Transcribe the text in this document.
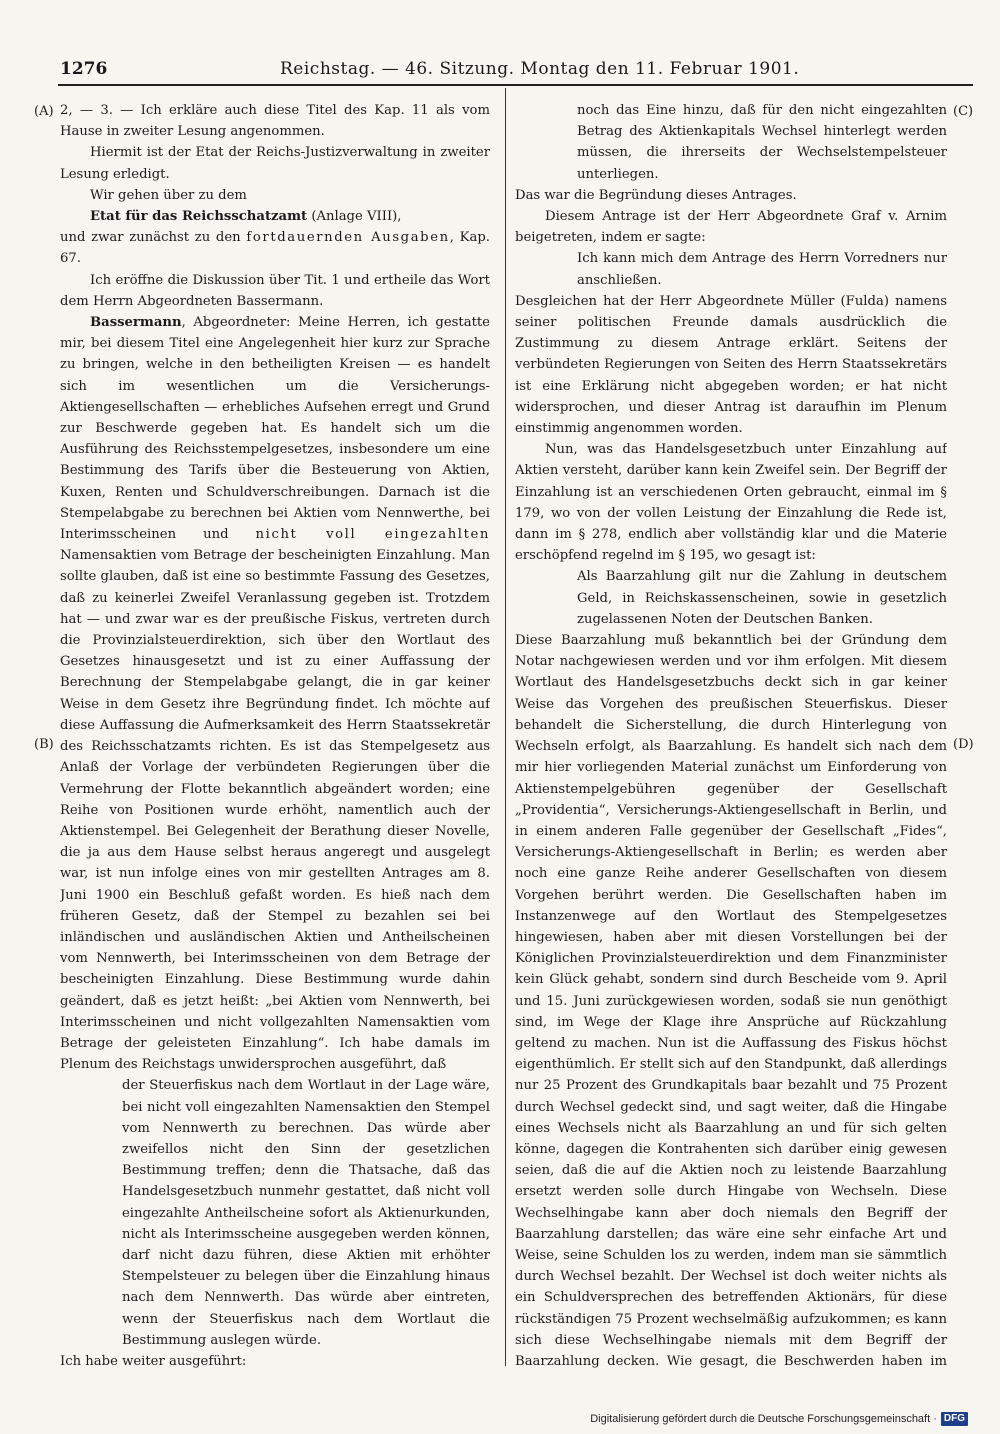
1276	Reichstag. — 46. Sitzung. Montag den 11. Februar 1901.
(A)
(B)
(C)
(D)

2, — 3. — Ich erkläre auch diese Titel des Kap. 11 als vom Hause in zweiter Lesung angenommen.

Hiermit ist der Etat der Reichs-Justizverwaltung in zweiter Lesung erledigt.

Wir gehen über zu dem

Etat für das Reichsschatzamt (Anlage VIII),

und zwar zunächst zu den fortdauernden Ausgaben, Kap. 67.

Ich eröffne die Diskussion über Tit. 1 und ertheile das Wort dem Herrn Abgeordneten Bassermann.

Bassermann, Abgeordneter: Meine Herren, ich gestatte mir, bei diesem Titel eine Angelegenheit hier kurz zur Sprache zu bringen, welche in den betheiligten Kreisen — es handelt sich im wesentlichen um die Versicherungs-Aktiengesellschaften — erhebliches Aufsehen erregt und Grund zur Beschwerde gegeben hat. Es handelt sich um die Ausführung des Reichsstempelgesetzes, insbesondere um eine Bestimmung des Tarifs über die Besteuerung von Aktien, Kuxen, Renten und Schuldverschreibungen. Darnach ist die Stempelabgabe zu berechnen bei Aktien vom Nennwerthe, bei Interimsscheinen und nicht voll eingezahlten Namensaktien vom Betrage der bescheinigten Einzahlung. Man sollte glauben, daß ist eine so bestimmte Fassung des Gesetzes, daß zu keinerlei Zweifel Veranlassung gegeben ist. Trotzdem hat — und zwar war es der preußische Fiskus, vertreten durch die Provinzialsteuerdirektion, sich über den Wortlaut des Gesetzes hinausgesetzt und ist zu einer Auffassung der Berechnung der Stempelabgabe gelangt, die in gar keiner Weise in dem Gesetz ihre Begründung findet. Ich möchte auf diese Auffassung die Aufmerksamkeit des Herrn Staatssekretär des Reichsschatzamts richten. Es ist das Stempelgesetz aus Anlaß der Vorlage der verbündeten Regierungen über die Vermehrung der Flotte bekanntlich abgeändert worden; eine Reihe von Positionen wurde erhöht, namentlich auch der Aktienstempel. Bei Gelegenheit der Berathung dieser Novelle, die ja aus dem Hause selbst heraus angeregt und ausgelegt war, ist nun infolge eines von mir gestellten Antrages am 8. Juni 1900 ein Beschluß gefaßt worden. Es hieß nach dem früheren Gesetz, daß der Stempel zu bezahlen sei bei inländischen und ausländischen Aktien und Antheilscheinen vom Nennwerth, bei Interimsscheinen von dem Betrage der bescheinigten Einzahlung. Diese Bestimmung wurde dahin geändert, daß es jetzt heißt: „bei Aktien vom Nennwerth, bei Interimsscheinen und nicht vollgezahlten Namensaktien vom Betrage der geleisteten Einzahlung“. Ich habe damals im Plenum des Reichstags unwidersprochen ausgeführt, daß

der Steuerfiskus nach dem Wortlaut in der Lage wäre, bei nicht voll eingezahlten Namensaktien den Stempel vom Nennwerth zu berechnen. Das würde aber zweifellos nicht den Sinn der gesetzlichen Bestimmung treffen; denn die Thatsache, daß das Handelsgesetzbuch nunmehr gestattet, daß nicht voll eingezahlte Antheilscheine sofort als Aktienurkunden, nicht als Interimsscheine ausgegeben werden können, darf nicht dazu führen, diese Aktien mit erhöhter Stempelsteuer zu belegen über die Einzahlung hinaus nach dem Nennwerth. Das würde aber eintreten, wenn der Steuerfiskus nach dem Wortlaut die Bestimmung auslegen würde.

Ich habe weiter ausgeführt:

noch das Eine hinzu, daß für den nicht eingezahlten Betrag des Aktienkapitals Wechsel hinterlegt werden müssen, die ihrerseits der Wechselstempelsteuer unterliegen.

Das war die Begründung dieses Antrages.

Diesem Antrage ist der Herr Abgeordnete Graf v. Arnim beigetreten, indem er sagte:

Ich kann mich dem Antrage des Herrn Vorredners nur anschließen.

Desgleichen hat der Herr Abgeordnete Müller (Fulda) namens seiner politischen Freunde damals ausdrücklich die Zustimmung zu diesem Antrage erklärt. Seitens der verbündeten Regierungen von Seiten des Herrn Staatssekretärs ist eine Erklärung nicht abgegeben worden; er hat nicht widersprochen, und dieser Antrag ist daraufhin im Plenum einstimmig angenommen worden.

Nun, was das Handelsgesetzbuch unter Einzahlung auf Aktien versteht, darüber kann kein Zweifel sein. Der Begriff der Einzahlung ist an verschiedenen Orten gebraucht, einmal im § 179, wo von der vollen Leistung der Einzahlung die Rede ist, dann im § 278, endlich aber vollständig klar und die Materie erschöpfend regelnd im § 195, wo gesagt ist:

Als Baarzahlung gilt nur die Zahlung in deutschem Geld, in Reichskassenscheinen, sowie in gesetzlich zugelassenen Noten der Deutschen Banken.

Diese Baarzahlung muß bekanntlich bei der Gründung dem Notar nachgewiesen werden und vor ihm erfolgen. Mit diesem Wortlaut des Handelsgesetzbuchs deckt sich in gar keiner Weise das Vorgehen des preußischen Steuerfiskus. Dieser behandelt die Sicherstellung, die durch Hinterlegung von Wechseln erfolgt, als Baarzahlung. Es handelt sich nach dem mir hier vorliegenden Material zunächst um Einforderung von Aktienstempelgebühren gegenüber der Gesellschaft „Providentia“, Versicherungs-Aktiengesellschaft in Berlin, und in einem anderen Falle gegenüber der Gesellschaft „Fides“, Versicherungs-Aktiengesellschaft in Berlin; es werden aber noch eine ganze Reihe anderer Gesellschaften von diesem Vorgehen berührt werden. Die Gesellschaften haben im Instanzenwege auf den Wortlaut des Stempelgesetzes hingewiesen, haben aber mit diesen Vorstellungen bei der Königlichen Provinzialsteuerdirektion und dem Finanzminister kein Glück gehabt, sondern sind durch Bescheide vom 9. April und 15. Juni zurückgewiesen worden, sodaß sie nun genöthigt sind, im Wege der Klage ihre Ansprüche auf Rückzahlung geltend zu machen. Nun ist die Auffassung des Fiskus höchst eigenthümlich. Er stellt sich auf den Standpunkt, daß allerdings nur 25 Prozent des Grundkapitals baar bezahlt und 75 Prozent durch Wechsel gedeckt sind, und sagt weiter, daß die Hingabe eines Wechsels nicht als Baarzahlung an und für sich gelten könne, dagegen die Kontrahenten sich darüber einig gewesen seien, daß die auf die Aktien noch zu leistende Baarzahlung ersetzt werden solle durch Hingabe von Wechseln. Diese Wechselhingabe kann aber doch niemals den Begriff der Baarzahlung darstellen; das wäre eine sehr einfache Art und Weise, seine Schulden los zu werden, indem man sie sämmtlich durch Wechsel bezahlt. Der Wechsel ist doch weiter nichts als ein Schuldversprechen des betreffenden Aktionärs, für diese rückständigen 75 Prozent wechselmäßig aufzukommen; es kann sich diese Wechselhingabe niemals mit dem Begriff der Baarzahlung decken. Wie gesagt, die Beschwerden haben im

Digitalisierung gefördert durch die Deutsche Forschungsgemeinschaft · DFG
